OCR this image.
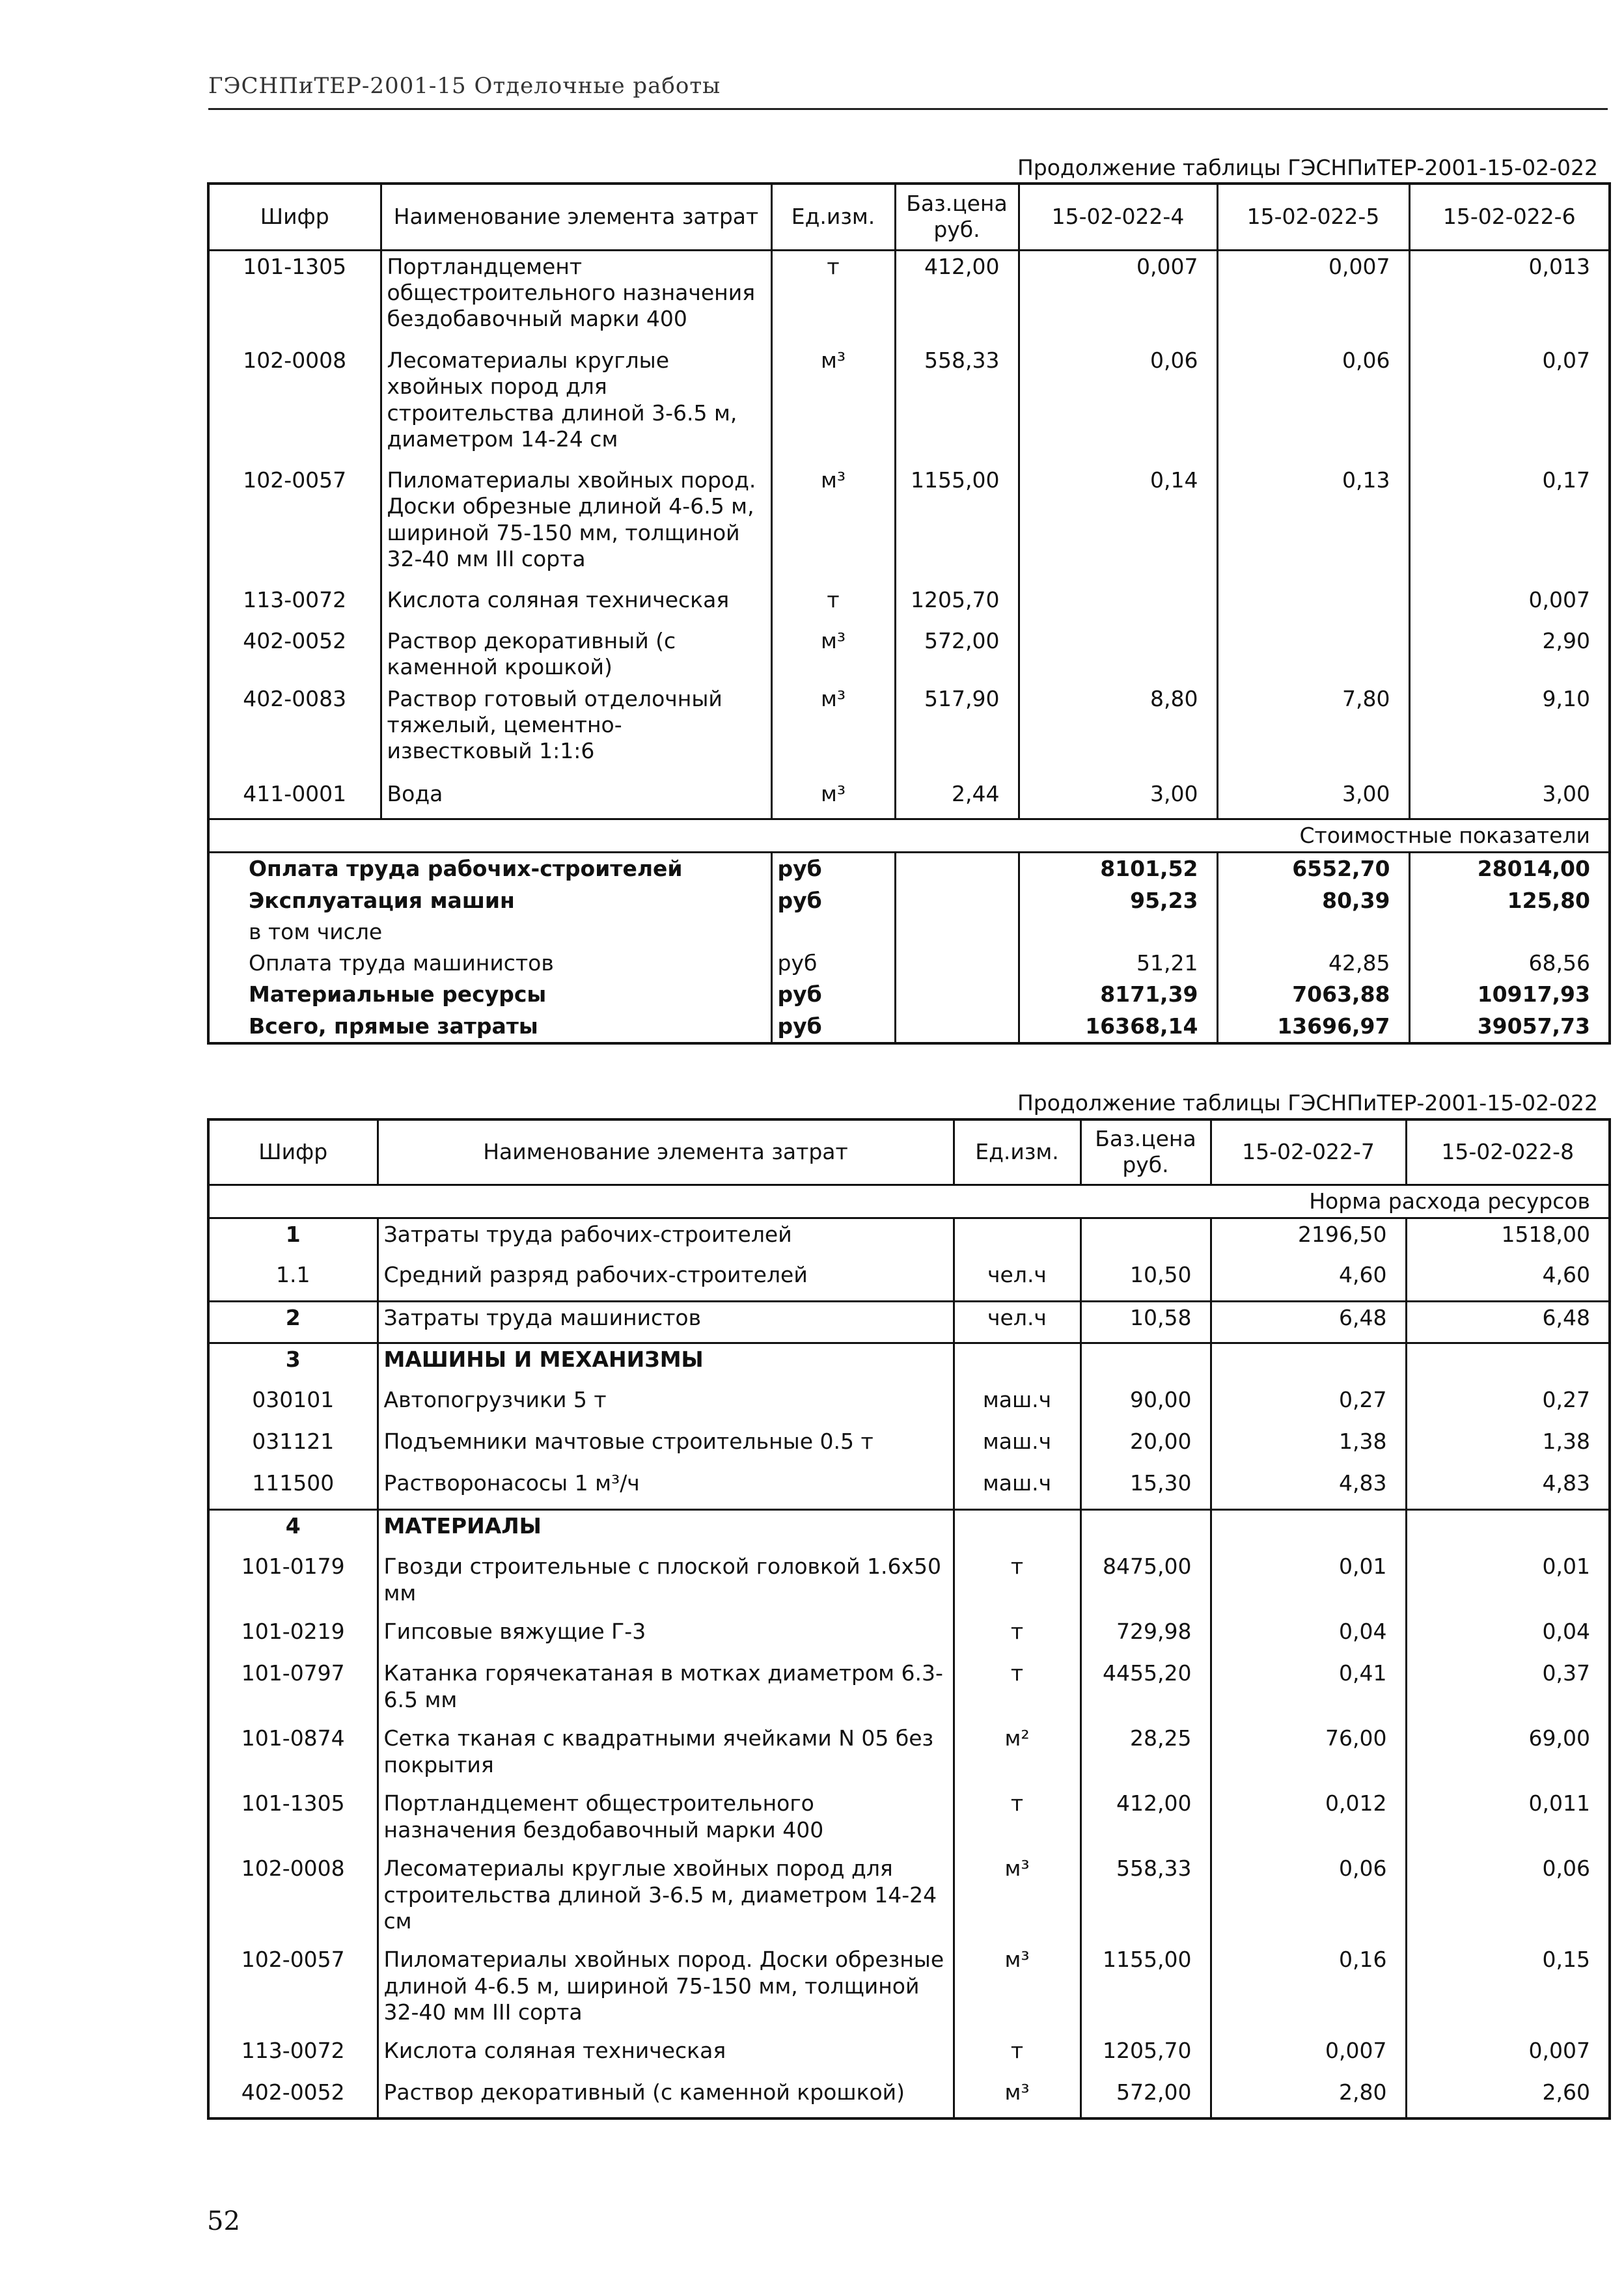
ГЭСНПиТЕР-2001-15 Отделочные работы
Продолжение таблицы ГЭСНПиТЕР-2001-15-02-022
Шифр	Наименование элемента затрат	Ед.изм.	Баз.цена руб.	15-02-022-4	15-02-022-5	15-02-022-6
101-1305	Портландцемент общестроительного назначения бездобавочный марки 400	т	412,00	0,007	0,007	0,013
102-0008	Лесоматериалы круглые хвойных пород для строительства длиной 3-6.5 м, диаметром 14-24 см	м³	558,33	0,06	0,06	0,07
102-0057	Пиломатериалы хвойных пород. Доски обрезные длиной 4-6.5 м, шириной 75-150 мм, толщиной 32-40 мм III сорта	м³	1155,00	0,14	0,13	0,17
113-0072	Кислота соляная техническая	т	1205,70			0,007
402-0052	Раствор декоративный (с каменной крошкой)	м³	572,00			2,90
402-0083	Раствор готовый отделочный тяжелый, цементно-известковый 1:1:6	м³	517,90	8,80	7,80	9,10
411-0001	Вода	м³	2,44	3,00	3,00	3,00
Стоимостные показатели						
Оплата труда рабочих-строителей		руб		8101,52	6552,70	28014,00
Эксплуатация машин		руб		95,23	80,39	125,80
в том числе						
Оплата труда машинистов		руб		51,21	42,85	68,56
Материальные ресурсы		руб		8171,39	7063,88	10917,93
Всего, прямые затраты		руб		16368,14	13696,97	39057,73
Продолжение таблицы ГЭСНПиТЕР-2001-15-02-022
Шифр	Наименование элемента затрат	Ед.изм.	Баз.цена руб.	15-02-022-7	15-02-022-8
Норма расхода ресурсов					
1	Затраты труда рабочих-строителей			2196,50	1518,00
1.1	Средний разряд рабочих-строителей	чел.ч	10,50	4,60	4,60
2	Затраты труда машинистов	чел.ч	10,58	6,48	6,48
3	МАШИНЫ И МЕХАНИЗМЫ				
030101	Автопогрузчики 5 т	маш.ч	90,00	0,27	0,27
031121	Подъемники мачтовые строительные 0.5 т	маш.ч	20,00	1,38	1,38
111500	Растворонасосы 1 м³/ч	маш.ч	15,30	4,83	4,83
4	МАТЕРИАЛЫ				
101-0179	Гвозди строительные с плоской головкой 1.6x50 мм	т	8475,00	0,01	0,01
101-0219	Гипсовые вяжущие Г-3	т	729,98	0,04	0,04
101-0797	Катанка горячекатаная в мотках диаметром 6.3-6.5 мм	т	4455,20	0,41	0,37
101-0874	Сетка тканая с квадратными ячейками N 05 без покрытия	м²	28,25	76,00	69,00
101-1305	Портландцемент общестроительного назначения бездобавочный марки 400	т	412,00	0,012	0,011
102-0008	Лесоматериалы круглые хвойных пород для строительства длиной 3-6.5 м, диаметром 14-24 см	м³	558,33	0,06	0,06
102-0057	Пиломатериалы хвойных пород. Доски обрезные длиной 4-6.5 м, шириной 75-150 мм, толщиной 32-40 мм III сорта	м³	1155,00	0,16	0,15
113-0072	Кислота соляная техническая	т	1205,70	0,007	0,007
402-0052	Раствор декоративный (с каменной крошкой)	м³	572,00	2,80	2,60
52
